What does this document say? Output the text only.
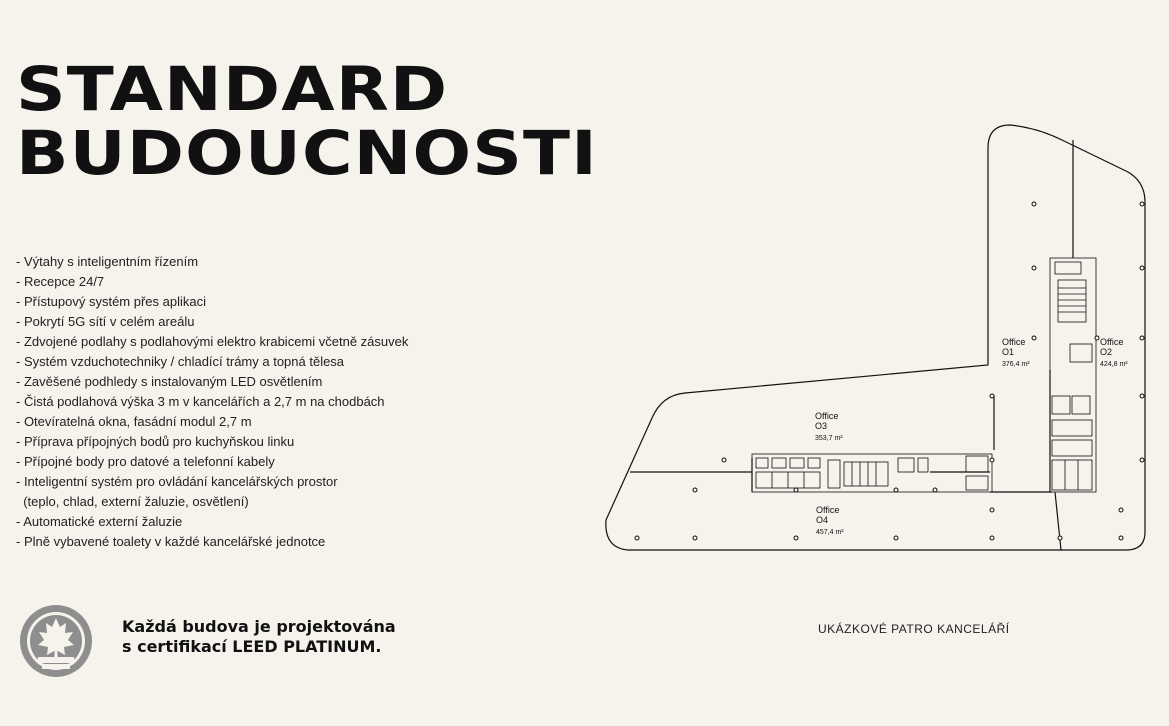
STANDARD
BUDOUCNOSTI
- Výtahy s inteligentním řízením
- Recepce 24/7
- Přístupový systém přes aplikaci
- Pokrytí 5G sítí v celém areálu
- Zdvojené podlahy s podlahovými elektro krabicemi včetně zásuvek
- Systém vzduchotechniky / chladící trámy a topná tělesa
- Zavěšené podhledy s instalovaným LED osvětlením
- Čistá podlahová výška 3 m v kancelářích a 2,7 m na chodbách
- Otevíratelná okna, fasádní modul 2,7 m
- Příprava přípojných bodů pro kuchyňskou linku
- Přípojné body pro datové a telefonní kabely
- Inteligentní systém pro ovládání kancelářských prostor
(teplo, chlad, externí žaluzie, osvětlení)
- Automatické externí žaluzie
- Plně vybavené toalety v každé kancelářské jednotce
Každá budova je projektována
s certifikací LEED PLATINUM.
Office
O1
376,4 m²
Office
O2
424,8 m²
Office
O3
353,7 m²
Office
O4
457,4 m²
UKÁZKOVÉ PATRO KANCELÁŘÍ
